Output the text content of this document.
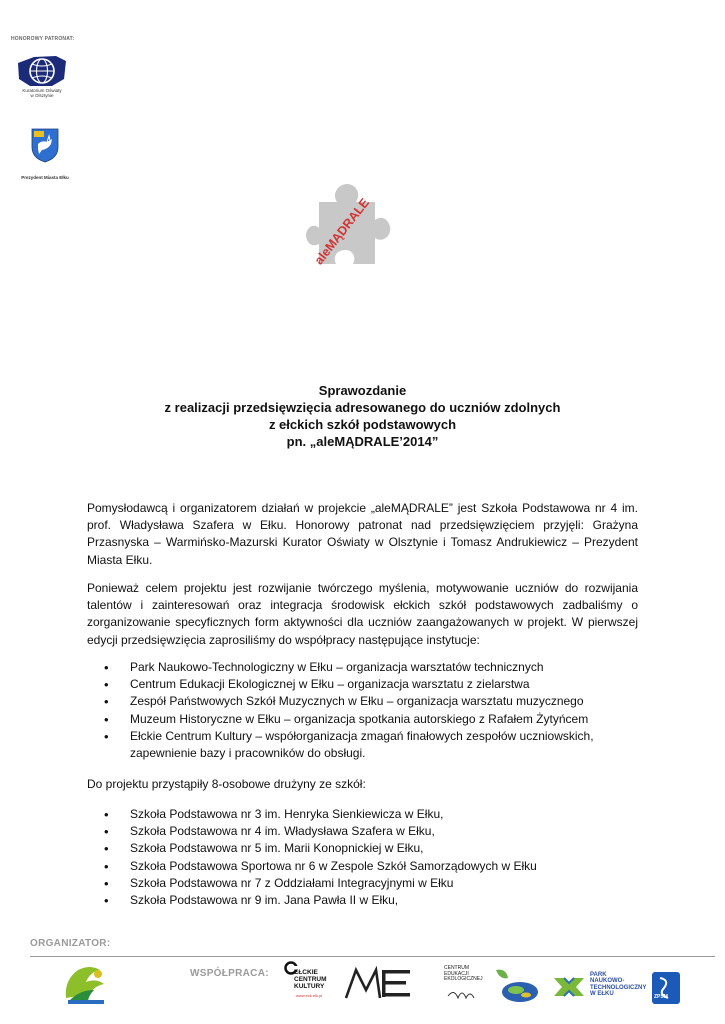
HONOROWY PATRONAT:
Kuratorium Oświaty
w Olsztynie
Prezydent Miasta Ełku
aleMĄDRALE
Sprawozdanie
z realizacji przedsięwzięcia adresowanego do uczniów zdolnych
z ełckich szkół podstawowych
pn. „aleMĄDRALE’2014”

Pomysłodawcą i organizatorem działań w projekcie „aleMĄDRALE” jest Szkoła Podstawowa nr 4 im. prof. Władysława Szafera w Ełku. Honorowy patronat nad przedsięwzięciem przyjęli: Grażyna Przasnyska – Warmińsko-Mazurski Kurator Oświaty w Olsztynie i Tomasz Andrukiewicz – Prezydent Miasta Ełku.

Ponieważ celem projektu jest rozwijanie twórczego myślenia, motywowanie uczniów do rozwijania talentów i zainteresowań oraz integracja środowisk ełckich szkół podstawowych zadbaliśmy o zorganizowanie specyficznych form aktywności dla uczniów zaangażowanych w projekt. W pierwszej edycji przedsięwzięcia zaprosiliśmy do współpracy następujące instytucje:

• Park Naukowo-Technologiczny w Ełku – organizacja warsztatów technicznych
• Centrum Edukacji Ekologicznej w Ełku – organizacja warsztatu z zielarstwa
• Zespół Państwowych Szkół Muzycznych w Ełku – organizacja warsztatu muzycznego
• Muzeum Historyczne w Ełku – organizacja spotkania autorskiego z Rafałem Żytyńcem
• Ełckie Centrum Kultury – współorganizacja zmagań finałowych zespołów uczniowskich, zapewnienie bazy i pracowników do obsługi.

Do projektu przystąpiły 8-osobowe drużyny ze szkół:

• Szkoła Podstawowa nr 3 im. Henryka Sienkiewicza w Ełku,
• Szkoła Podstawowa nr 4 im. Władysława Szafera w Ełku,
• Szkoła Podstawowa nr 5 im. Marii Konopnickiej w Ełku,
• Szkoła Podstawowa Sportowa nr 6 w Zespole Szkół Samorządowych w Ełku
• Szkoła Podstawowa nr 7 z Oddziałami Integracyjnymi w Ełku
• Szkoła Podstawowa nr 9 im. Jana Pawła II w Ełku,
ORGANIZATOR:
WSPÓŁPRACA:	EŁCKIE
CENTRUM
KULTURY
www.eck.elk.pl
CENTRUM
EDUKACJI
EKOLOGICZNEJ
PARK
NAUKOWO-
TECHNOLOGICZNY
W EŁKU	ZPSM
